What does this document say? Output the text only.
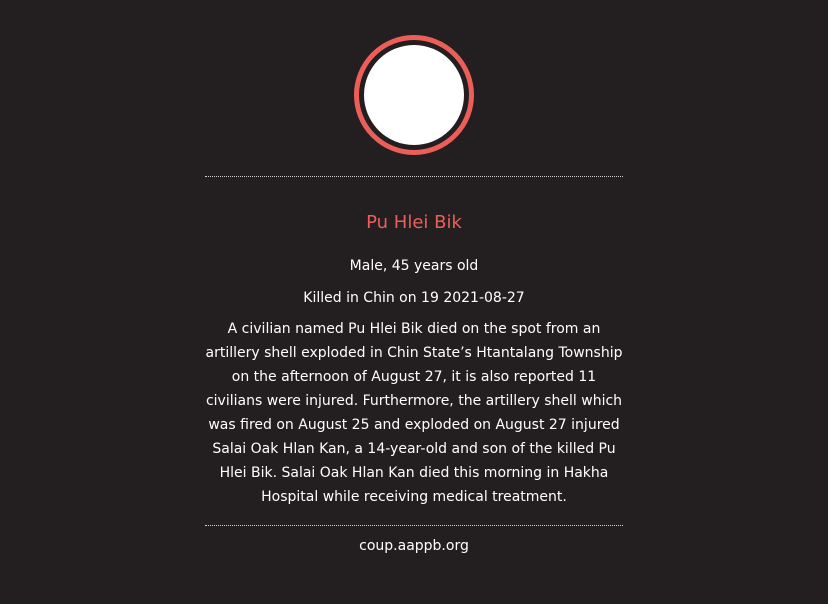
Pu Hlei Bik
Male, 45 years old
Killed in Chin on 19 2021-08-27
A civilian named Pu Hlei Bik died on the spot from an artillery shell exploded in Chin State’s Htantalang Township on the afternoon of August 27, it is also reported 11 civilians were injured. Furthermore, the artillery shell which was fired on August 25 and exploded on August 27 injured Salai Oak Hlan Kan, a 14-year-old and son of the killed Pu Hlei Bik. Salai Oak Hlan Kan died this morning in Hakha Hospital while receiving medical treatment.
coup.aappb.org
